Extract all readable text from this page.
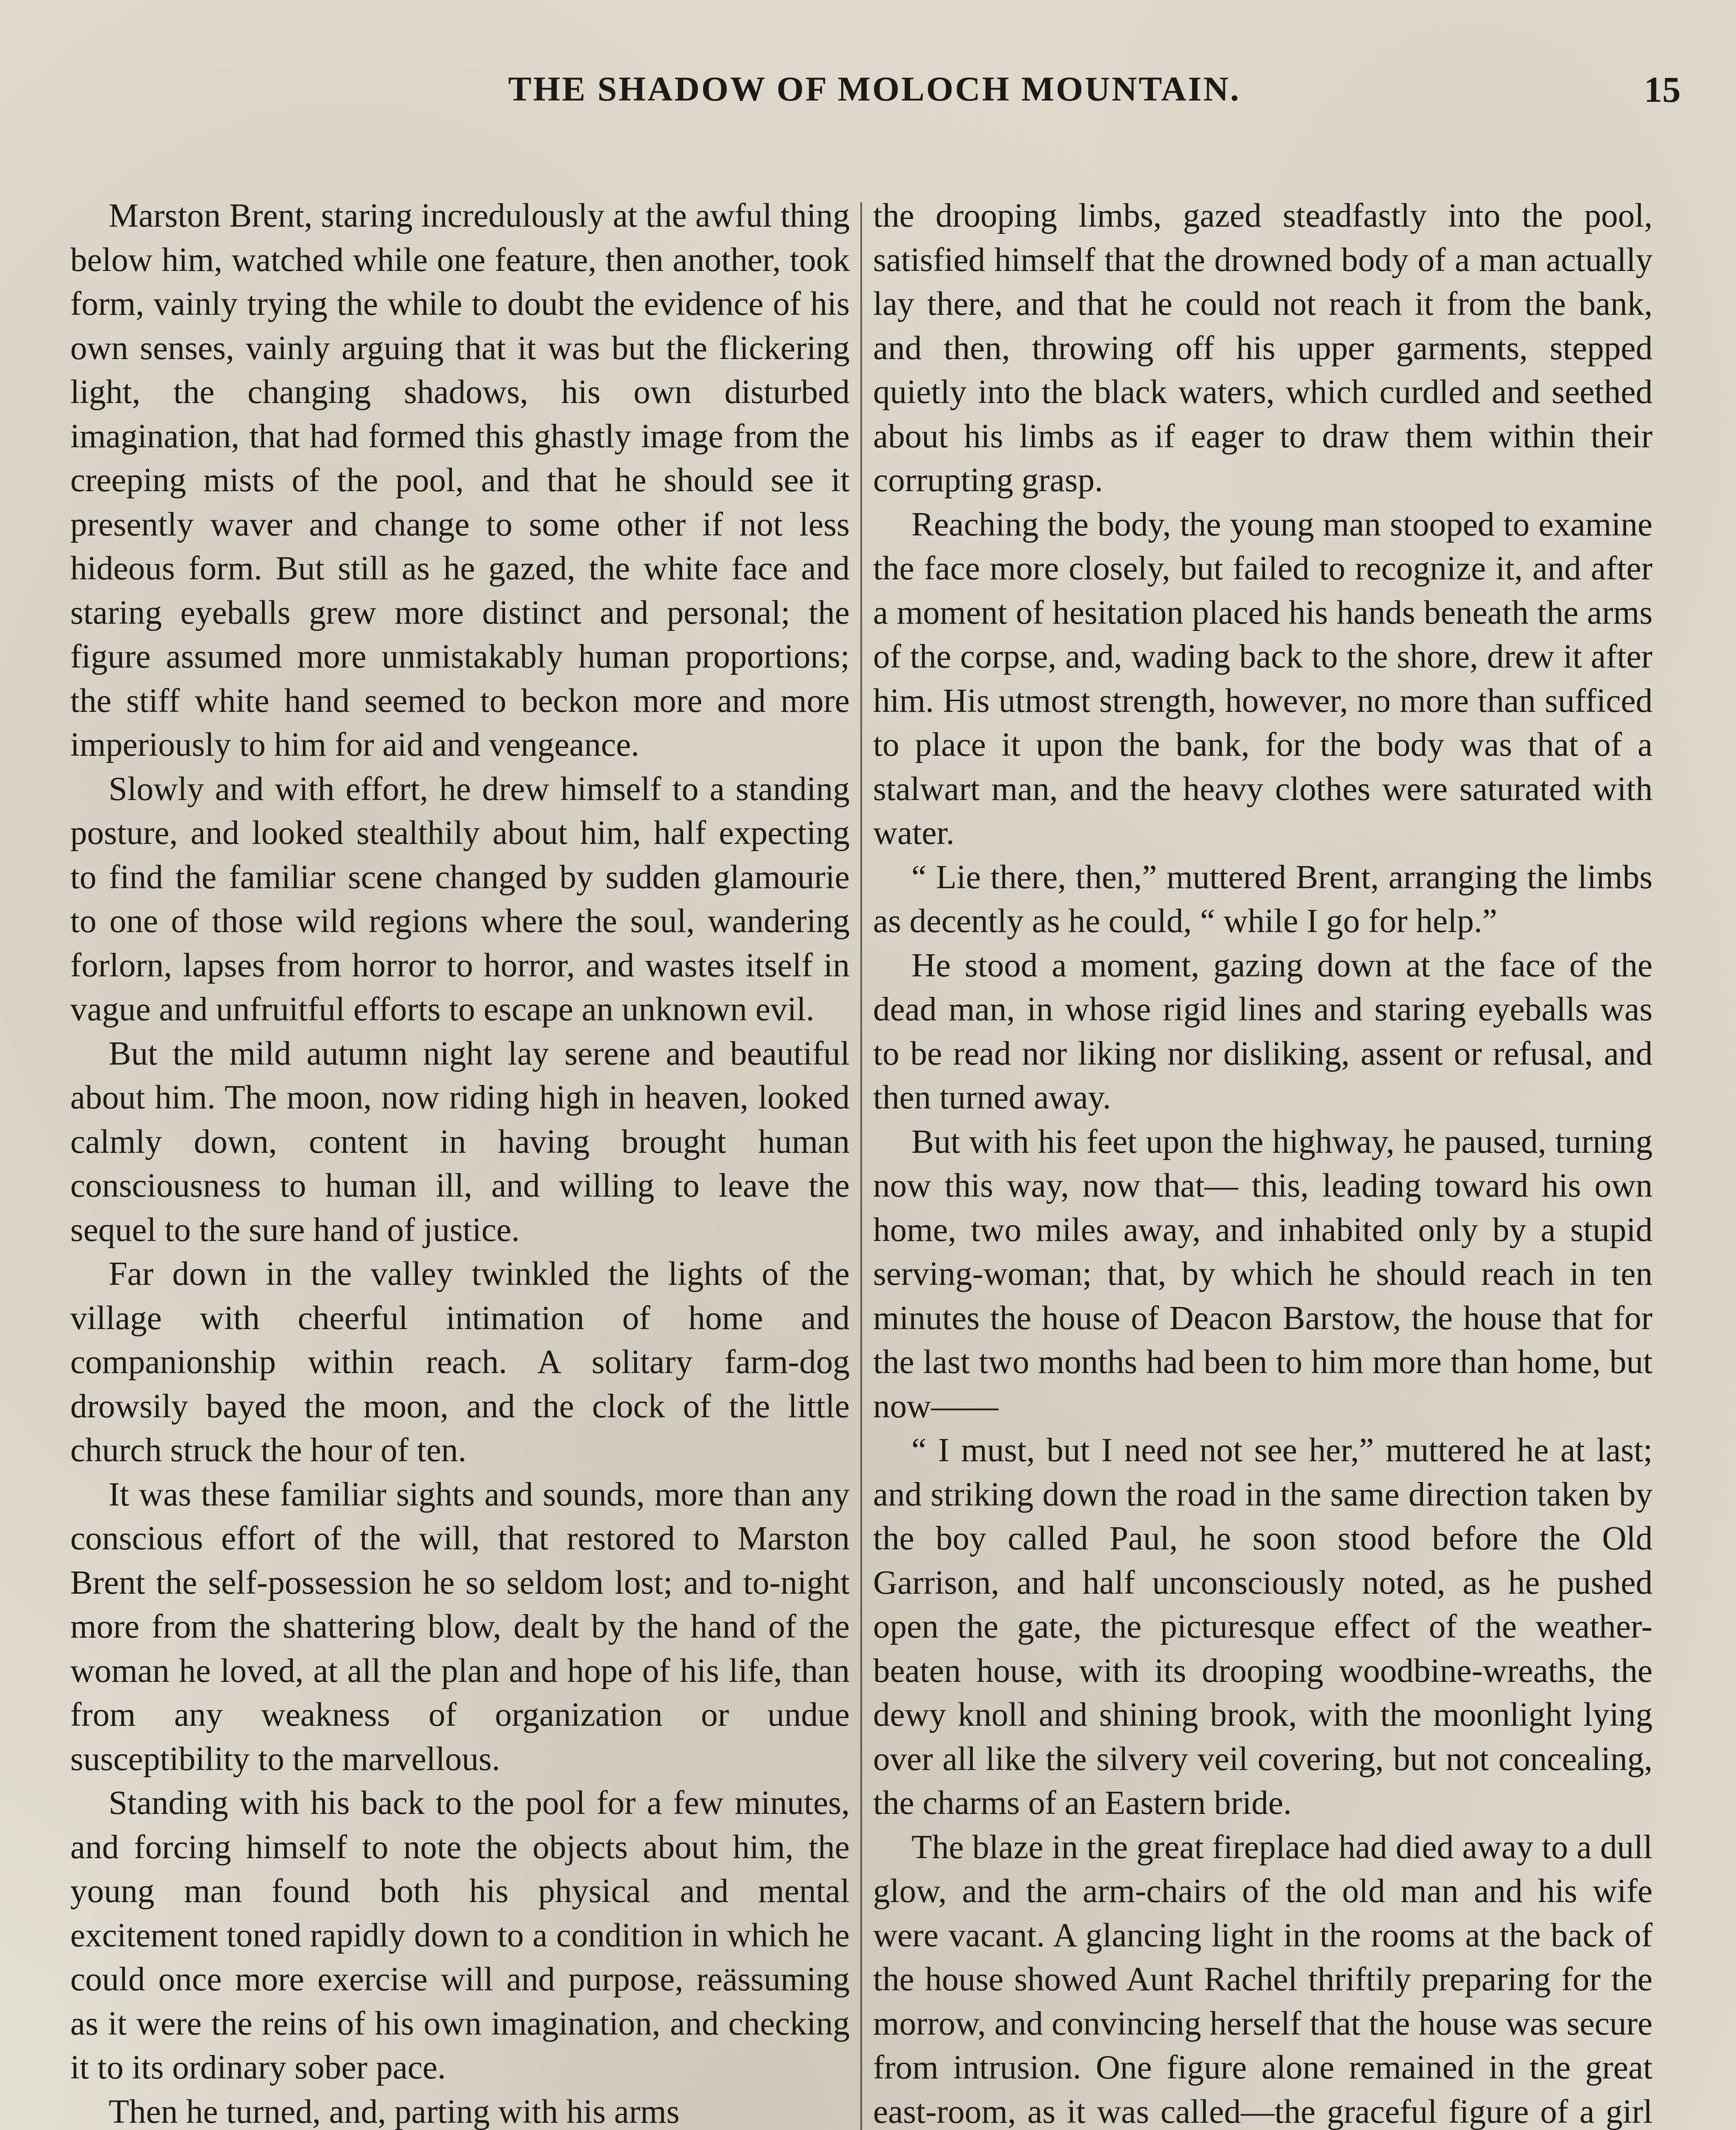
THE SHADOW OF MOLOCH MOUNTAIN.	15

Marston Brent, staring incredulously at the awful thing below him, watched while one feature, then another, took form, vainly trying the while to doubt the evidence of his own senses, vainly arguing that it was but the flickering light, the changing shadows, his own disturbed imagination, that had formed this ghastly image from the creeping mists of the pool, and that he should see it presently waver and change to some other if not less hideous form. But still as he gazed, the white face and staring eyeballs grew more distinct and personal; the figure assumed more unmistakably human proportions; the stiff white hand seemed to beckon more and more imperiously to him for aid and vengeance.

Slowly and with effort, he drew himself to a standing posture, and looked stealthily about him, half expecting to find the familiar scene changed by sudden glamourie to one of those wild regions where the soul, wandering forlorn, lapses from horror to horror, and wastes itself in vague and unfruitful efforts to escape an unknown evil.

But the mild autumn night lay serene and beautiful about him. The moon, now riding high in heaven, looked calmly down, content in having brought human consciousness to human ill, and willing to leave the sequel to the sure hand of justice.

Far down in the valley twinkled the lights of the village with cheerful intimation of home and companionship within reach. A solitary farm-dog drowsily bayed the moon, and the clock of the little church struck the hour of ten.

It was these familiar sights and sounds, more than any conscious effort of the will, that restored to Marston Brent the self-possession he so seldom lost; and to-night more from the shattering blow, dealt by the hand of the woman he loved, at all the plan and hope of his life, than from any weakness of organization or undue susceptibility to the marvellous.

Standing with his back to the pool for a few minutes, and forcing himself to note the objects about him, the young man found both his physical and mental excitement toned rapidly down to a condition in which he could once more exercise will and purpose, reässuming as it were the reins of his own imagination, and checking it to its ordinary sober pace.

Then he turned, and, parting with his arms

the drooping limbs, gazed steadfastly into the pool, satisfied himself that the drowned body of a man actually lay there, and that he could not reach it from the bank, and then, throwing off his upper garments, stepped quietly into the black waters, which curdled and seethed about his limbs as if eager to draw them within their corrupting grasp.

Reaching the body, the young man stooped to examine the face more closely, but failed to recognize it, and after a moment of hesitation placed his hands beneath the arms of the corpse, and, wading back to the shore, drew it after him. His utmost strength, however, no more than sufficed to place it upon the bank, for the body was that of a stalwart man, and the heavy clothes were saturated with water.

“ Lie there, then,” muttered Brent, arranging the limbs as decently as he could, “ while I go for help.”

He stood a moment, gazing down at the face of the dead man, in whose rigid lines and staring eyeballs was to be read nor liking nor disliking, assent or refusal, and then turned away.

But with his feet upon the highway, he paused, turning now this way, now that— this, leading toward his own home, two miles away, and inhabited only by a stupid serving-woman; that, by which he should reach in ten minutes the house of Deacon Barstow, the house that for the last two months had been to him more than home, but now——

“ I must, but I need not see her,” muttered he at last; and striking down the road in the same direction taken by the boy called Paul, he soon stood before the Old Garrison, and half unconsciously noted, as he pushed open the gate, the picturesque effect of the weather-beaten house, with its drooping woodbine-wreaths, the dewy knoll and shining brook, with the moonlight lying over all like the silvery veil covering, but not concealing, the charms of an Eastern bride.

The blaze in the great fireplace had died away to a dull glow, and the arm-chairs of the old man and his wife were vacant. A glancing light in the rooms at the back of the house showed Aunt Rachel thriftily preparing for the morrow, and convincing herself that the house was secure from intrusion. One figure alone remained in the great east-room, as it was called—the graceful figure of a girl
